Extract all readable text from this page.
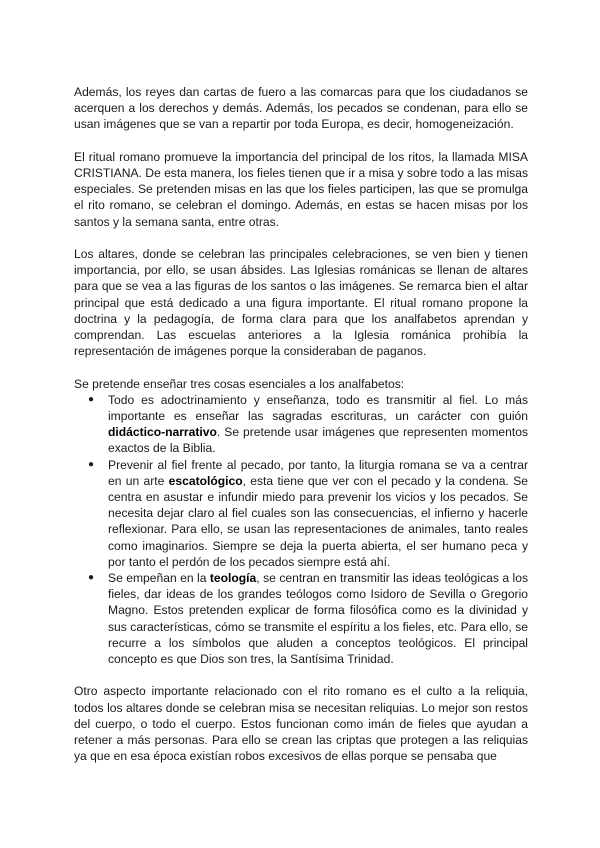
Además, los reyes dan cartas de fuero a las comarcas para que los ciudadanos se acerquen a los derechos y demás. Además, los pecados se condenan, para ello se usan imágenes que se van a repartir por toda Europa, es decir, homogeneización.

El ritual romano promueve la importancia del principal de los ritos, la llamada MISA CRISTIANA. De esta manera, los fieles tienen que ir a misa y sobre todo a las misas especiales. Se pretenden misas en las que los fieles participen, las que se promulga el rito romano, se celebran el domingo. Además, en estas se hacen misas por los santos y la semana santa, entre otras.

Los altares, donde se celebran las principales celebraciones, se ven bien y tienen importancia, por ello, se usan ábsides. Las Iglesias románicas se llenan de altares para que se vea a las figuras de los santos o las imágenes. Se remarca bien el altar principal que está dedicado a una figura importante. El ritual romano propone la doctrina y la pedagogía, de forma clara para que los analfabetos aprendan y comprendan. Las escuelas anteriores a la Iglesia románica prohibía la representación de imágenes porque la consideraban de paganos.

Se pretende enseñar tres cosas esenciales a los analfabetos:

● Todo es adoctrinamiento y enseñanza, todo es transmitir al fiel. Lo más importante es enseñar las sagradas escrituras, un carácter con guión didáctico-narrativo. Se pretende usar imágenes que representen momentos exactos de la Biblia.
● Prevenir al fiel frente al pecado, por tanto, la liturgia romana se va a centrar en un arte escatológico, esta tiene que ver con el pecado y la condena. Se centra en asustar e infundir miedo para prevenir los vicios y los pecados. Se necesita dejar claro al fiel cuales son las consecuencias, el infierno y hacerle reflexionar. Para ello, se usan las representaciones de animales, tanto reales como imaginarios. Siempre se deja la puerta abierta, el ser humano peca y por tanto el perdón de los pecados siempre está ahí.
● Se empeñan en la teología, se centran en transmitir las ideas teológicas a los fieles, dar ideas de los grandes teólogos como Isidoro de Sevilla o Gregorio Magno. Estos pretenden explicar de forma filosófica como es la divinidad y sus características, cómo se transmite el espíritu a los fieles, etc. Para ello, se recurre a los símbolos que aluden a conceptos teológicos. El principal concepto es que Dios son tres, la Santísima Trinidad.

Otro aspecto importante relacionado con el rito romano es el culto a la reliquia, todos los altares donde se celebran misa se necesitan reliquias. Lo mejor son restos del cuerpo, o todo el cuerpo. Estos funcionan como imán de fieles que ayudan a retener a más personas. Para ello se crean las criptas que protegen a las reliquias ya que en esa época existían robos excesivos de ellas porque se pensaba que
